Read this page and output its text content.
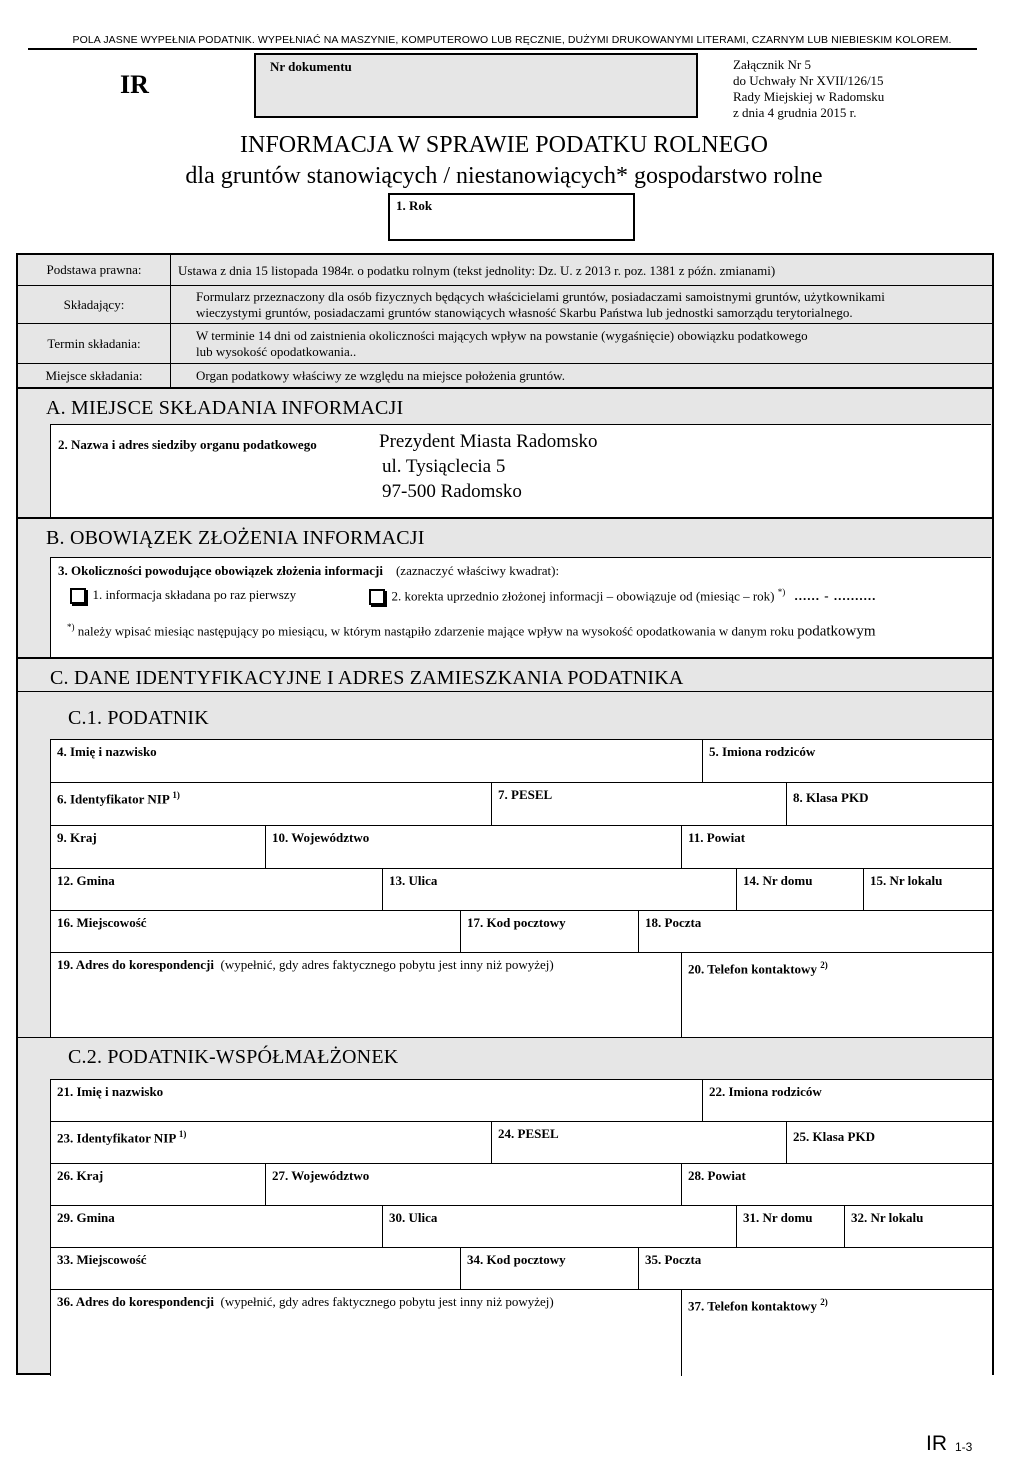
POLA JASNE WYPEŁNIA PODATNIK. WYPEŁNIAĆ NA MASZYNIE, KOMPUTEROWO LUB RĘCZNIE, DUŻYMI DRUKOWANYMI LITERAMI, CZARNYM LUB NIEBIESKIM KOLOREM.
IR
Nr dokumentu	Załącznik Nr 5
do Uchwały Nr XVII/126/15
Rady Miejskiej w Radomsku
z dnia 4 grudnia 2015 r.
INFORMACJA W SPRAWIE PODATKU ROLNEGO
dla gruntów stanowiących / niestanowiących* gospodarstwo rolne
1. Rok
Podstawa prawna:	Ustawa z dnia 15 listopada 1984r. o podatku rolnym (tekst jednolity: Dz. U. z 2013 r. poz. 1381 z późn. zmianami)
Składający:
Formularz przeznaczony dla osób fizycznych będących właścicielami gruntów, posiadaczami samoistnymi gruntów, użytkownikami
wieczystymi gruntów, posiadaczami gruntów stanowiących własność Skarbu Państwa lub jednostki samorządu terytorialnego.
Termin składania:
W terminie 14 dni od zaistnienia okoliczności mających wpływ na powstanie (wygaśnięcie) obowiązku podatkowego
lub wysokość opodatkowania..
Miejsce składania:	Organ podatkowy właściwy ze względu na miejsce położenia gruntów.
A. MIEJSCE SKŁADANIA INFORMACJI
2. Nazwa i adres siedziby organu podatkowego	Prezydent Miasta Radomsko
ul. Tysiąclecia 5
97-500 Radomsko
B. OBOWIĄZEK ZŁOŻENIA INFORMACJI
3. Okoliczności powodujące obowiązek złożenia informacji (zaznaczyć właściwy kwadrat):
1. informacja składana po raz pierwszy	2. korekta uprzednio złożonej informacji – obowiązuje od (miesiąc – rok) *) ...... - ..........
*) należy wpisać miesiąc następujący po miesiącu, w którym nastąpiło zdarzenie mające wpływ na wysokość opodatkowania w danym roku podatkowym
C. DANE IDENTYFIKACYJNE I ADRES ZAMIESZKANIA PODATNIKA
C.1. PODATNIK
4. Imię i nazwisko	5. Imiona rodziców
6. Identyfikator NIP $^{1)}$	7. PESEL	8. Klasa PKD
9. Kraj	10. Województwo	11. Powiat
12. Gmina	13. Ulica	14. Nr domu	15. Nr lokalu
16. Miejscowość	17. Kod pocztowy	18. Poczta
19. Adres do korespondencji (wypełnić, gdy adres faktycznego pobytu jest inny niż powyżej)	20. Telefon kontaktowy $^{2)}$
C.2. PODATNIK-WSPÓŁMAŁŻONEK
21. Imię i nazwisko	22. Imiona rodziców
23. Identyfikator NIP $^{1)}$	24. PESEL	25. Klasa PKD
26. Kraj	27. Województwo	28. Powiat
29. Gmina	30. Ulica	31. Nr domu	32. Nr lokalu
33. Miejscowość	34. Kod pocztowy	35. Poczta
36. Adres do korespondencji (wypełnić, gdy adres faktycznego pobytu jest inny niż powyżej)	37. Telefon kontaktowy $^{2)}$
IR 1-3
